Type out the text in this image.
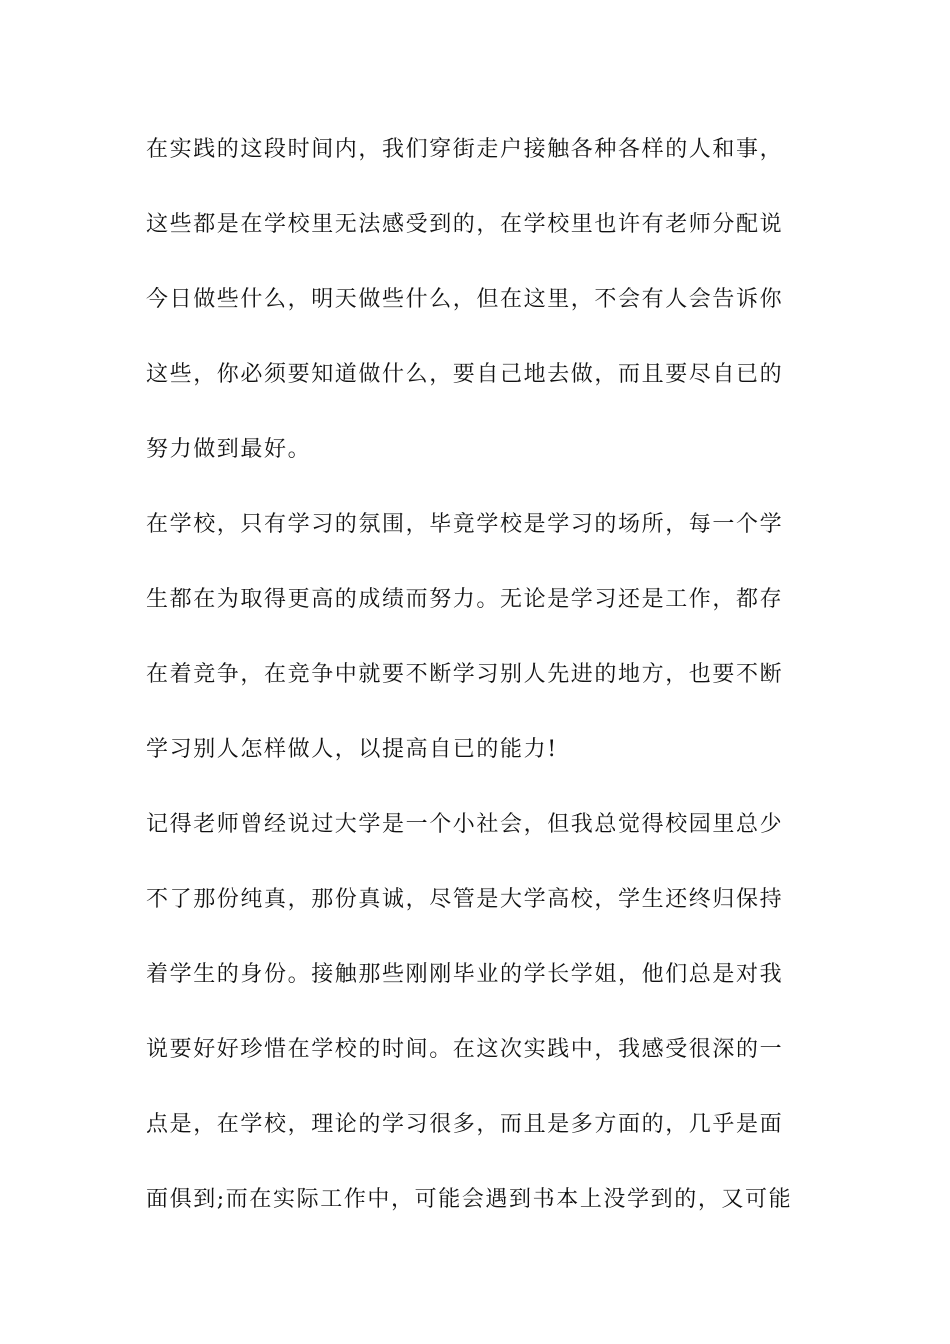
在实践的这段时间内，我们穿街走户接触各种各样的人和事，
这些都是在学校里无法感受到的，在学校里也许有老师分配说
今日做些什么，明天做些什么，但在这里，不会有人会告诉你
这些，你必须要知道做什么，要自己地去做，而且要尽自已的
努力做到最好。
在学校，只有学习的氛围，毕竟学校是学习的场所，每一个学
生都在为取得更高的成绩而努力。无论是学习还是工作，都存
在着竞争，在竞争中就要不断学习别人先进的地方，也要不断
学习别人怎样做人，以提高自已的能力!
记得老师曾经说过大学是一个小社会，但我总觉得校园里总少
不了那份纯真，那份真诚，尽管是大学高校，学生还终归保持
着学生的身份。接触那些刚刚毕业的学长学姐，他们总是对我
说要好好珍惜在学校的时间。在这次实践中，我感受很深的一
点是，在学校，理论的学习很多，而且是多方面的，几乎是面
面俱到;而在实际工作中，可能会遇到书本上没学到的，又可能
